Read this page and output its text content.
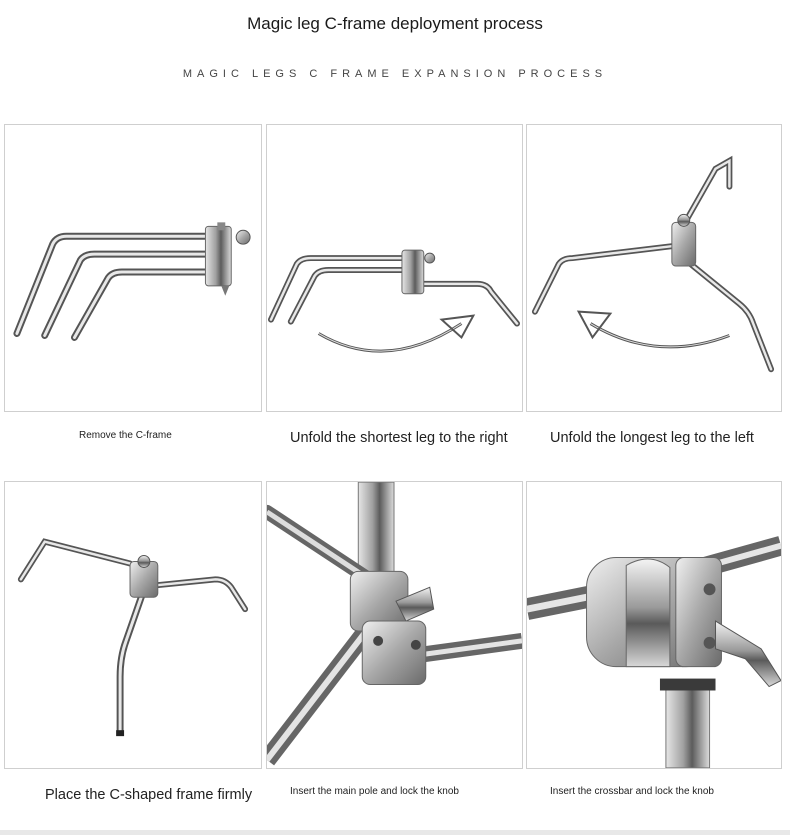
Magic leg C-frame deployment process
MAGIC LEGS C FRAME EXPANSION PROCESS
Remove the C-frame	Unfold the shortest leg to the right	Unfold the longest leg to the left
Place the C-shaped frame firmly	Insert the main pole and lock the knob	Insert the crossbar and lock the knob
